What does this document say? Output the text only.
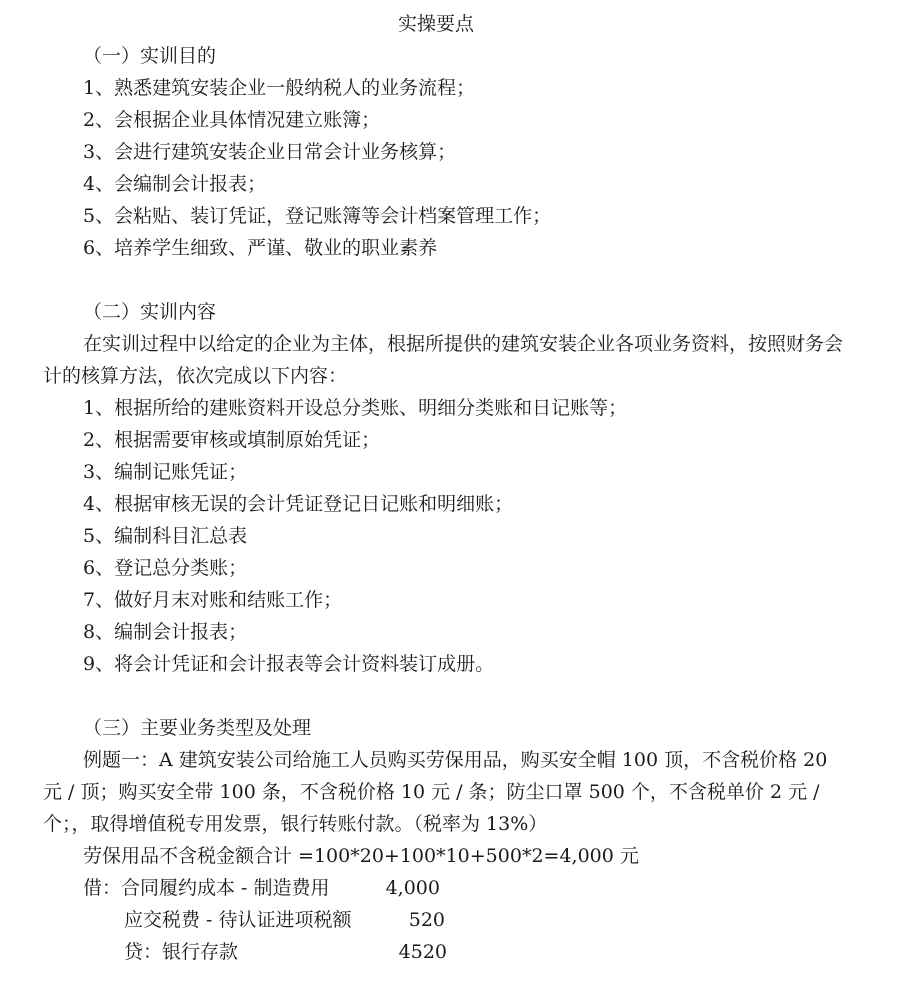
实操要点
（一）实训目的
1、熟悉建筑安装企业一般纳税人的业务流程；
2、会根据企业具体情况建立账簿；
3、会进行建筑安装企业日常会计业务核算；
4、会编制会计报表；
5、会粘贴、装订凭证，登记账簿等会计档案管理工作；
6、培养学生细致、严谨、敬业的职业素养
（二）实训内容
在实训过程中以给定的企业为主体，根据所提供的建筑安装企业各项业务资料，按照财务会计的核算方法，依次完成以下内容：
1、根据所给的建账资料开设总分类账、明细分类账和日记账等；
2、根据需要审核或填制原始凭证；
3、编制记账凭证；
4、根据审核无误的会计凭证登记日记账和明细账；
5、编制科目汇总表
6、登记总分类账；
7、做好月末对账和结账工作；
8、编制会计报表；
9、将会计凭证和会计报表等会计资料装订成册。
（三）主要业务类型及处理
例题一：A 建筑安装公司给施工人员购买劳保用品，购买安全帽 100 顶，不含税价格 20 元 / 顶；购买安全带 100 条，不含税价格 10 元 / 条；防尘口罩 500 个，不含税单价 2 元 / 个；，取得增值税专用发票，银行转账付款。（税率为 13%）
劳保用品不含税金额合计 =100*20+100*10+500*2=4,000 元
借：合同履约成本 - 制造费用	4,000
应交税费 - 待认证进项税额	520
贷：银行存款	4520
